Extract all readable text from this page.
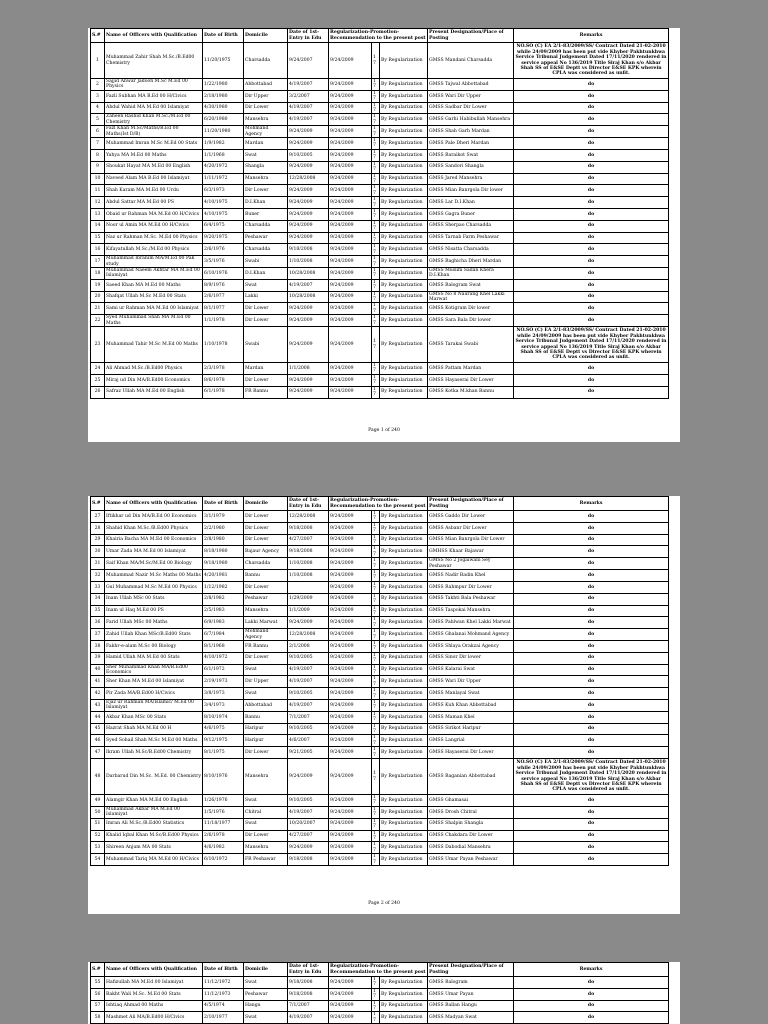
S.#	Name of Officers with Qualification	Date of Birth	Domicile	Date of 1st-Entry in Edu	Regularization-Promotion-Recommendation to the present post			Present Designation/Place of Posting	Remarks
1	Muhammad Zahir Shah M.Sc./B.Ed00 Chemistry	11/20/1975	Charsadda	9/24/2007	9/24/2009	17	By Regularization	GMSS Mandani Charsadda	NO.SO (C) EA 2/1-83/2009/SS/ Contract Dated 21-02-2010 while 24/09/2009 has been put vide Khyber Pakhtunkhwa Service Tribunal Judgement Dated 17/11/2020 rendered in service appeal No 136/2019 Title Siraj Khan s/o Akbar Shah SS of E&SE Deptt vs Director E&SE KPK wherein CPLA was considered as unfit.
2	Sajjid Anwar Jadoon M.Sc M.Ed 00 Physics	1/22/1980	Abbottabad	4/19/2007	9/24/2009	17	By Regularization	GMSS Tajwal Abbottabad	do
3	Fazli Subhan MA B.Ed 00 H/Civics	2/18/1980	Dir Upper	3/2/2007	9/24/2009	17	By Regularization	GMSS Wari Dir Upper	do
4	Abdul Wahid MA M.Ed 00 Islamiyat	4/30/1980	Dir Lower	4/19/2007	9/24/2009	17	By Regularization	GMSS Sadbar Dir Lower	do
5	Zaheen Rashid Khan M.Sc./M.Ed 00 Chemistry	6/20/1980	Mansehra	4/19/2007	9/24/2009	17	By Regularization	GMSS Garhi Habibullah Mansehra	do
6	Fazl Khan M.Sc/Maths/B.Ed 00 Maths(Ist D/B)	11/20/1980	Mohmand Agency	9/24/2009	9/24/2009	17	By Regularization	GMSS Shah Garh Mardan	do
7	Muhammad Imran M.Sc M.Ed 00 Stats	1/9/1982	Mardan	9/24/2009	9/24/2009	17	By Regularization	GMSS Pale Dheri Mardan	do
8	Yahya MA M.Ed 00 Maths	1/1/1968	Swat	9/10/2005	9/24/2009	17	By Regularization	GMSS Baraikot Swat	do
9	Shoukat Hayat MA M.Ed 00 English	4/20/1972	Shangla	9/24/2009	9/24/2009	17	By Regularization	GMSS Sandori Shangla	do
10	Naveed Alam MA B.Ed 00 Islamiyat	1/11/1972	Mansehra	12/28/2008	9/24/2009	17	By Regularization	GMSS Jared Mansehra	do
11	Shah Karam MA M.Ed 00 Urdu	6/3/1973	Dir Lower	9/24/2009	9/24/2009	17	By Regularization	GMSS Mian Banrgola Dir lower	do
12	Abdul Sattar MA M.Ed 00 PS	4/10/1975	D.I.Khan	9/24/2009	9/24/2009	17	By Regularization	GMSS Lar D.I.Khan	do
13	Obaid ur Rahman MA M.Ed 00 H/Civics	4/10/1975	Buner	9/24/2009	9/24/2009	17	By Regularization	GMSS Gagra Buner	do
14	Noor ul Amin MA M.Ed 00 H/Civics	6/4/1975	Charsadda	9/24/2009	9/24/2009	17	By Regularization	GMSS Sherpao Charsadda	do
15	Naz ur Rahman M.Sc. M.Ed 00 Physics	9/20/1975	Peshawar	9/24/2009	9/24/2009	17	By Regularization	GMSS Tarnab Farm Peshawar	do
16	Kifayatullah M.Sc./M.Ed 00 Physics	2/6/1976	Charsadda	9/18/2008	9/24/2009	17	By Regularization	GMSS Nisatta Charsadda	do
17	Muhammad Ibrahim MA/M.Ed 00 Pak study	3/5/1976	Swabi	1/10/2008	9/24/2009	17	By Regularization	GMSS Baghicha Dheri Mardan	do
18	Muhammad Naeem Akhtar MA M.Ed 00 Islamiyat	6/10/1976	D.I.Khan	10/28/2008	9/24/2009	17	By Regularization	GMSS Muslim Sadan Khera D.I.Khan	do
19	Saeed Khan MA M.Ed 00 Maths	8/9/1976	Swat	4/19/2007	9/24/2009	17	By Regularization	GMSS Balogram Swat	do
20	Shafqat Ullah M.Sc M.Ed 00 Stats	2/6/1977	Lakki	10/28/2008	9/24/2009	17	By Regularization	GMSS No 8 Naurang Khel Lakki Marwat	do
21	Sami ur Rahman MA M.Ed 00 Islamiyat	8/1/1977	Dir Lower	9/24/2009	9/24/2009	17	By Regularization	GMSS Kotigram Dir lower	do
22	Syed Muhammad Shah MA M.Ed 00 Maths	1/1/1978	Dir Lower	9/24/2009	9/24/2009	17	By Regularization	GMSS Sara Bala Dir lower	do
23	Muhammad Tahir M.Sc M.Ed 00 Maths	1/10/1978	Swabi	9/24/2009	9/24/2009	17	By Regularization	GMSS Tarakai Swabi	NO.SO (C) EA 2/1-83/2009/SS/ Contract Dated 21-02-2010 while 24/09/2009 has been put vide Khyber Pakhtunkhwa Service Tribunal Judgement Dated 17/11/2020 rendered in service appeal No 136/2019 Title Siraj Khan s/o Akbar Shah SS of E&SE Deptt vs Director E&SE KPK wherein CPLA was considered as unfit.
24	Ali Ahmad M.Sc./B.Ed00 Physics	2/3/1978	Mardan	1/1/2008	9/24/2009	17	By Regularization	GMSS Pattam Mardan	do
25	Miraj ud Din MA/B.Ed00 Economics	8/6/1978	Dir Lower	9/24/2009	9/24/2009	17	By Regularization	GMSS Hayaserai Dir Lower	do
26	Safraz Ullah MA M.Ed 00 English	6/1/1978	FR Bannu	9/24/2009	9/24/2009	17	By Regularization	GMSS Kotka M.khan Bannu	do
Page 1 of 240
S.#	Name of Officers with Qualification	Date of Birth	Domicile	Date of 1st-Entry in Edu	Regularization-Promotion-Recommendation to the present post			Present Designation/Place of Posting	Remarks
27	Iftikhar ud Din MA/B.Ed 00 Economics	3/1/1979	Dir Lower	12/28/2008	9/24/2009	17	By Regularization	GMSS Gaddo Dir Lower	do
28	Shahid Khan M.Sc./B.Ed00 Physics	2/2/1980	Dir Lower	9/18/2008	9/24/2009	17	By Regularization	GMSS Asbanr Dir Lower	do
29	Khairia Bacha MA M.Ed 00 Economics	2/8/1980	Dir Lower	4/27/2007	9/24/2009	17	By Regularization	GMSS Mian Banrgola Dir Lower	do
30	Umar Zada MA M.Ed 00 Islamiyat	8/18/1980	Bajaur Agency	9/18/2008	9/24/2009	17	By Regularization	GMHSS Khaar Bajawar	do
31	Saif Khan MA/M.Sc/M.Ed 00 Biology	9/18/1980	Charsadda	1/10/2008	9/24/2009	17	By Regularization	GMSS No 2 Jogaiwani Sey Peshawar	do
32	Muhammad Nazir M.Sc Maths 00 Maths	4/20/1981	Bannu	1/10/2008	9/24/2009	17	By Regularization	GMSS Nadir Badin Khel	do
33	Gul Muhammad M.Sc M.Ed 00 Physics	1/12/1982	Dir Lower		9/24/2009	17	By Regularization	GMSS Rahmpur Dir Lower	do
34	Inam Ullah MSc 00 Stats	2/8/1982	Peshawar	1/29/2009	9/24/2009	17	By Regularization	GMSS Takhti Bala Peshawar	do
35	Inam ul Haq M.Ed 00 PS	2/5/1983	Mansehra	1/1/2009	9/24/2009	17	By Regularization	GMSS Taspokai Mansehra	do
36	Farid Ullah MSc 00 Maths	6/9/1983	Lakki Marwat	9/24/2009	9/24/2009	17	By Regularization	GMSS Pahlwan Khel Lakki Marwat	do
37	Zahid Ullah Khan MSc/B.Ed00 Stats	6/7/1984	Mohmand Agency	12/28/2008	9/24/2009	17	By Regularization	GMSS Ghalanai Mohmand Agency	do
38	Fakhr-e-alam M.Sc 00 Biology	8/1/1968	FR Bannu	2/1/2008	9/24/2009	17	By Regularization	GMSS Shlaya Orakzai Agency	do
39	Hamid Ullah MA M.Ed 00 Stats	4/10/1972	Dir Lower	9/10/2005	9/24/2009	17	By Regularization	GMSS Sinor Dir lower	do
40	Sher Muhammad Khan MA/B.Ed00 Economics	6/1/1972	Swat	4/19/2007	9/24/2009	17	By Regularization	GMSS Kalarai Swat	do
41	Sher Khan MA M.Ed 00 Islamiyat	2/19/1973	Dir Upper	4/19/2007	9/24/2009	17	By Regularization	GMSS Wari Dir Upper	do
42	Pir Zada MA/B.Ed00 H/Civics	3/8/1973	Swat	9/10/2005	9/24/2009	17	By Regularization	GMSS Manlayal Swat	do
43	Ejaz ur Rahman MA/Islamic/ M.Ed 00 Islamiyat	3/4/1973	Abbottabad	4/19/2007	9/24/2009	17	By Regularization	GMSS Kuh Khan Abbottabad	do
44	Akbar Khan MSc 00 Stats	8/10/1974	Bannu	7/1/2007	9/24/2009	17	By Regularization	GMSS Maman Khel	do
45	Hazrat Shah MA M.Ed 00 H	4/6/1975	Haripur	9/10/2005	9/24/2009	17	By Regularization	GMSS Sirikot Haripur	do
46	Syed Sohail Shah M.Sc M.Ed 00 Maths	9/12/1975	Haripur	4/6/2007	9/24/2009	17	By Regularization	GMSS Langrial	do
47	Ikram Ullah M.Sc/B.Ed00 Chemistry	8/1/1975	Dir Lower	9/21/2005	9/24/2009	17	By Regularization	GMSS Hayaserai Dir Lower	do
48	Darbarud Din M.Sc. M.Ed. 00 Chemistry	8/10/1976	Mansehra	9/24/2009	9/24/2009	17	By Regularization	GMSS Baganian Abbottabad	NO.SO (C) EA 2/1-83/2009/SS/ Contract Dated 21-02-2010 while 24/09/2009 has been put vide Khyber Pakhtunkhwa Service Tribunal Judgement Dated 17/11/2020 rendered in service appeal No 136/2019 Title Siraj Khan s/o Akbar Shah SS of E&SE Deptt vs Director E&SE KPK wherein CPLA was considered as unfit.
49	Alamgir Khan MA M.Ed 00 English	1/26/1976	Swat	9/10/2005	9/24/2009	17	By Regularization	GMSS Ghamasai	do
50	Muhammad Akbar MA M.Ed 00 Islamiyat	1/5/1976	Chitral	4/19/2007	9/24/2009	17	By Regularization	GMSS Drosh Chitral	do
51	Imran Ali M.Sc./B.Ed00 Statistics	11/18/1977	Swat	10/20/2007	9/24/2009	17	By Regularization	GMSS Shalpin Shangla	do
52	Khalid Iqbal Khan M.Sc/B.Ed00 Physics	2/6/1978	Dir Lower	4/27/2007	9/24/2009	17	By Regularization	GMSS Chakdara Dir Lower	do
53	Shireen Anjum MA 00 Stats	4/6/1982	Mansehra	9/24/2009	9/24/2009	17	By Regularization	GMSS Dabodial Mansehra	do
54	Muhammad Tariq MA M.Ed 00 H/Civics	6/10/1972	FR Peshawar	9/18/2008	9/24/2009	17	By Regularization	GMSS Umar Payan Peshawar	do
Page 2 of 240
S.#	Name of Officers with Qualification	Date of Birth	Domicile	Date of 1st-Entry in Edu	Regularization-Promotion-Recommendation to the present post			Present Designation/Place of Posting	Remarks
55	Hafizullah MA M.Ed 00 Islamiyat	11/12/1972	Swat	9/18/2008	9/24/2009	17	By Regularization	GMSS Balogram	do
56	Bakht Wali M.Sc. M.Ed 00 Stats	11/12/1973	Peshawar	9/18/2008	9/24/2009	17	By Regularization	GMSS Umar Payan	do
57	Ishtiaq Ahmad 00 Maths	4/5/1974	Hangu	7/1/2007	9/24/2009	17	By Regularization	GMSS Ballan Hangu	do
58	Mashmet Ali MA/B.Ed00 H/Civics	2/10/1977	Swat	4/19/2007	9/24/2009	17	By Regularization	GMSS Madyan Swat	do
